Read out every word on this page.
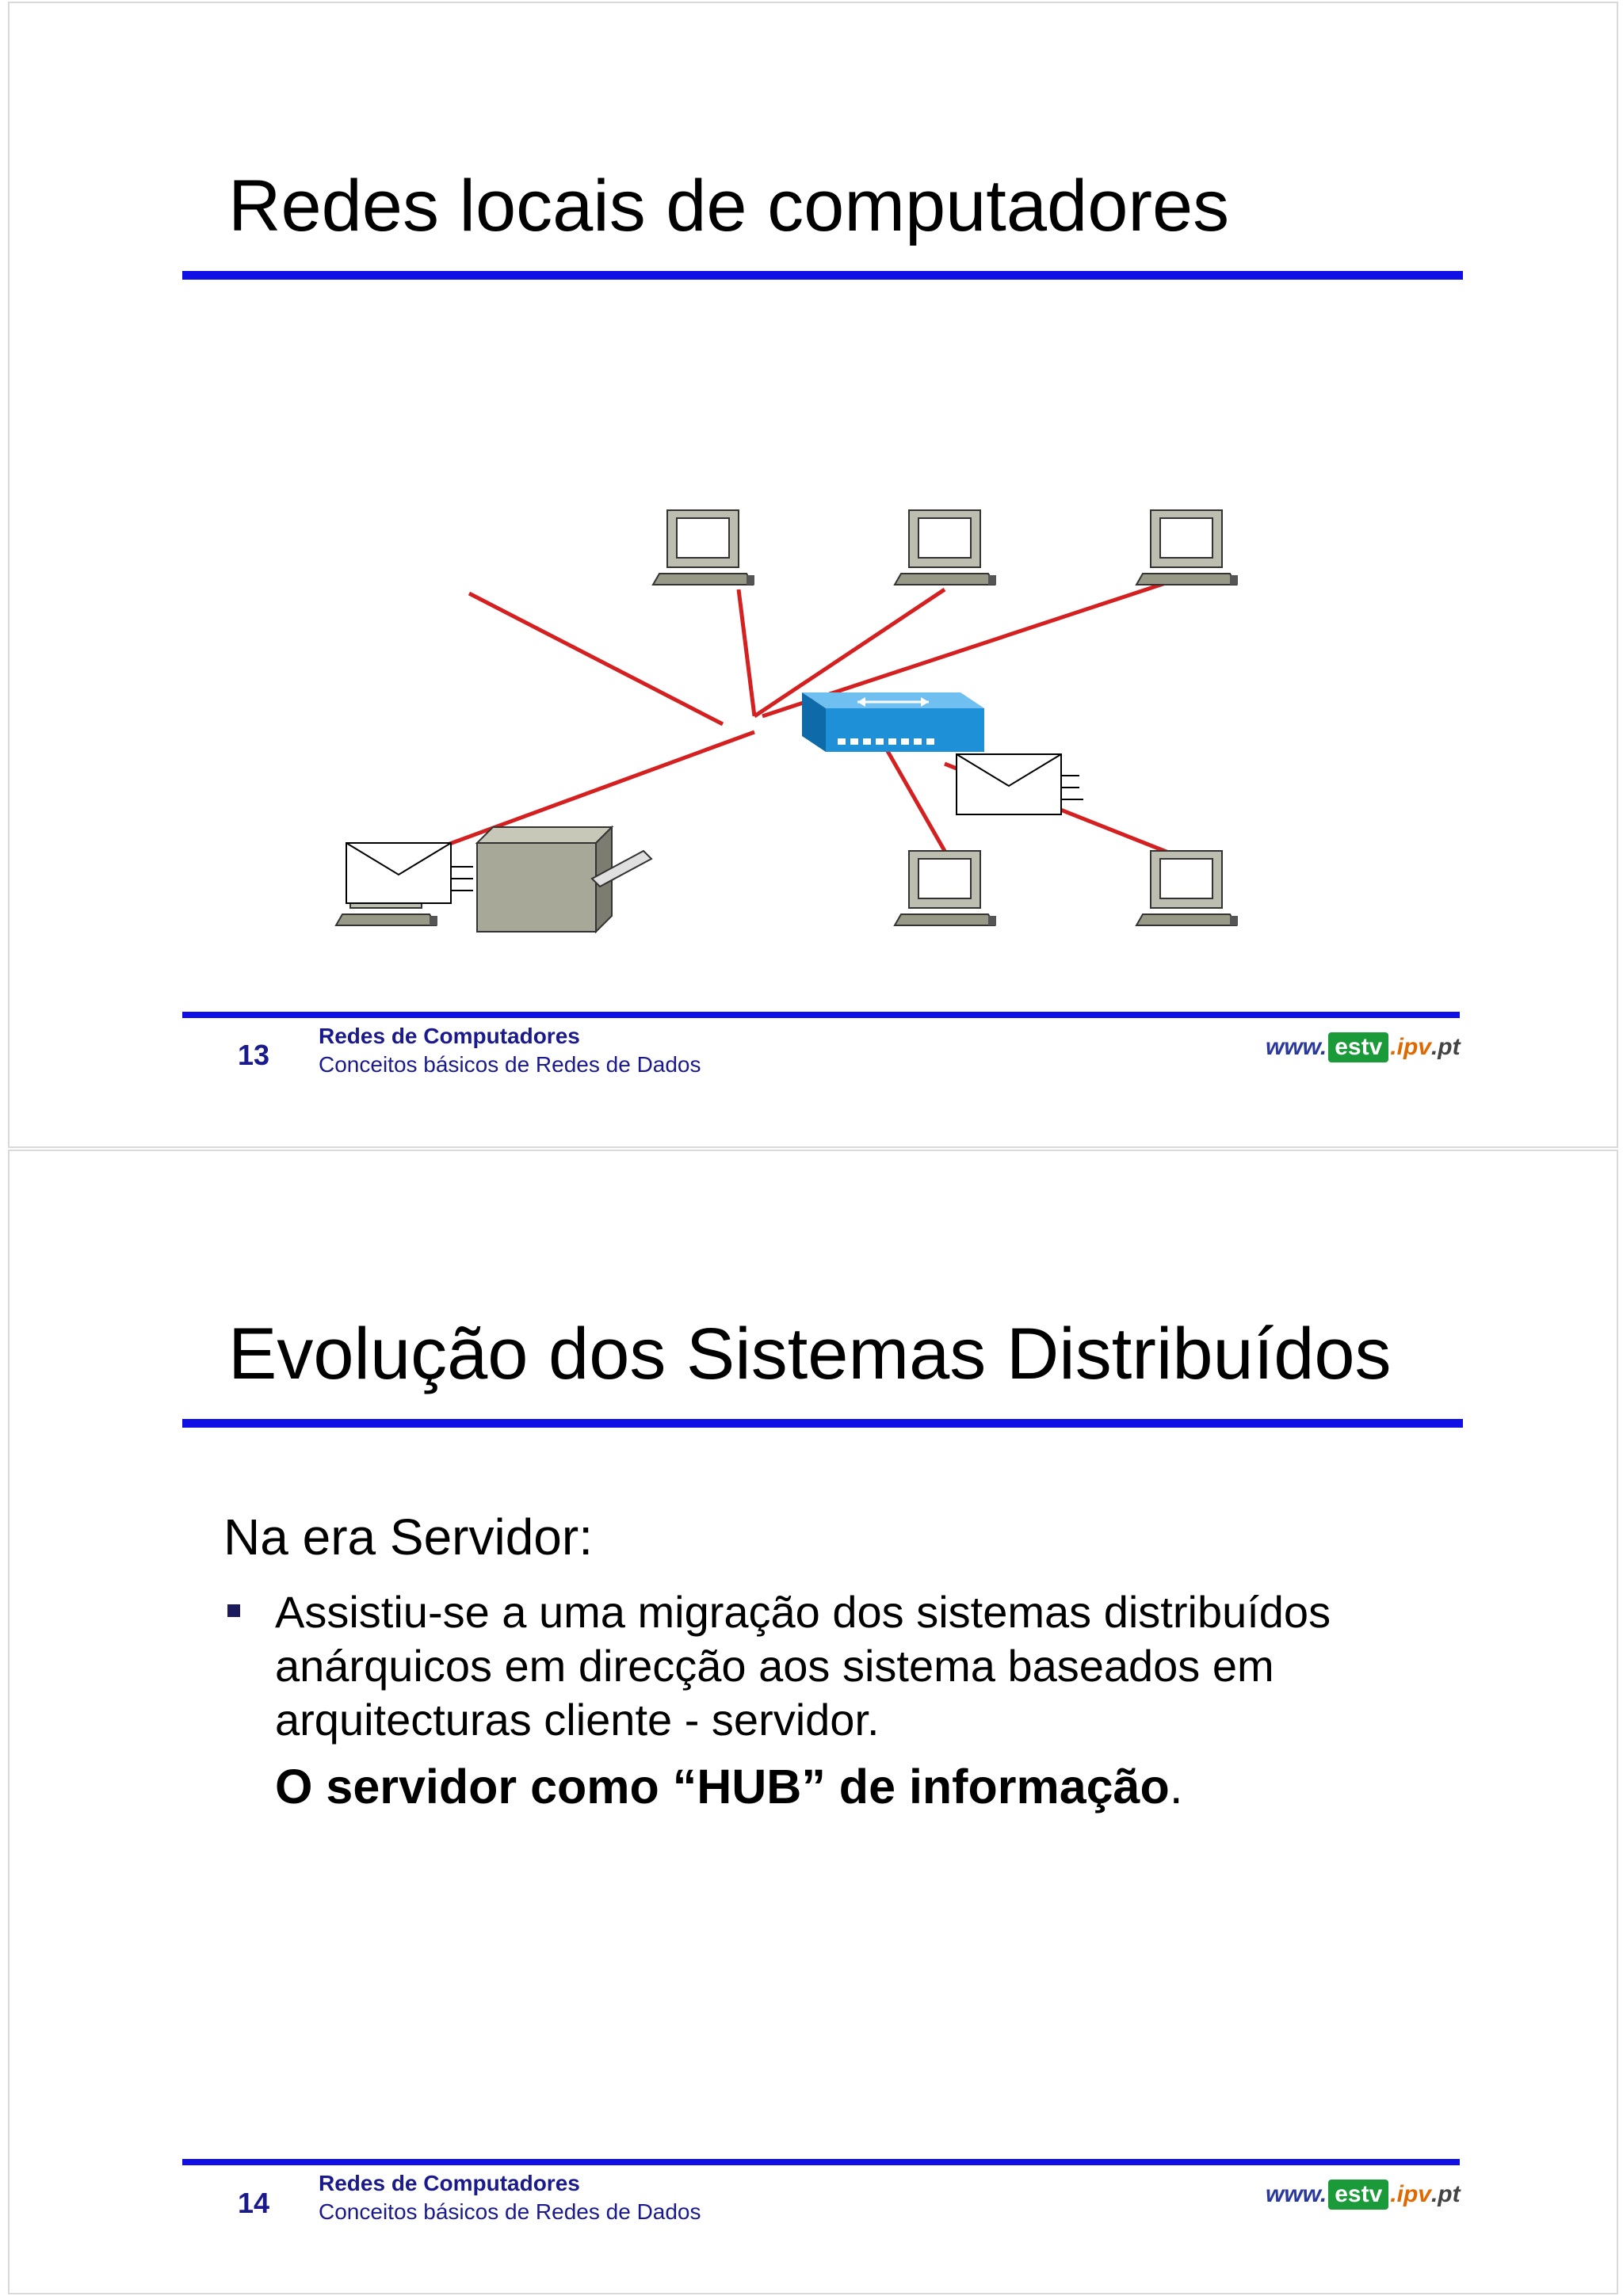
Redes locais de computadores
13
Redes de Computadores
Conceitos básicos de Redes de Dados
www. estv .ipv .pt
Evolução dos Sistemas Distribuídos
Na era Servidor:
Assistiu-se a uma migração dos sistemas distribuídos
anárquicos em direcção aos sistema baseados em
arquitecturas cliente - servidor.
O servidor como “HUB” de informação.
14
Redes de Computadores
Conceitos básicos de Redes de Dados
www. estv .ipv .pt
